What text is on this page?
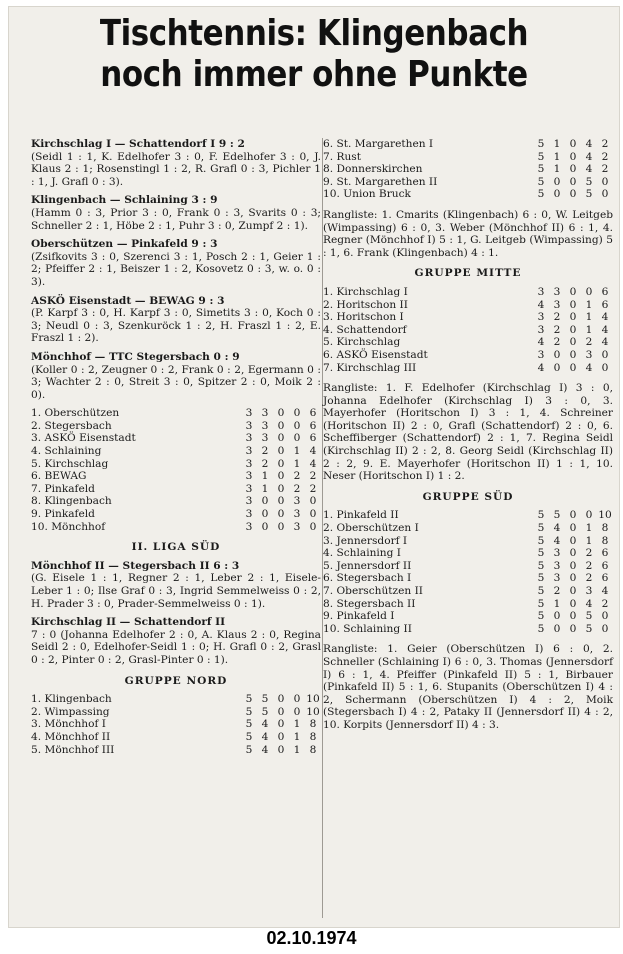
Tischtennis: Klingenbach
noch immer ohne Punkte
Kirchschlag I — Schattendorf I 9 : 2
(Seidl 1 : 1, K. Edelhofer 3 : 0, F. Edelhofer 3 : 0, J. Klaus 2 : 1; Rosenstingl 1 : 2, R. Grafl 0 : 3, Pichler 1 : 1, J. Grafl 0 : 3).
Klingenbach — Schlaining 3 : 9
(Hamm 0 : 3, Prior 3 : 0, Frank 0 : 3, Svarits 0 : 3; Schneller 2 : 1, Höbe 2 : 1, Puhr 3 : 0, Zumpf 2 : 1).
Oberschützen — Pinkafeld 9 : 3
(Zsifkovits 3 : 0, Szerenci 3 : 1, Posch 2 : 1, Geier 1 : 2; Pfeiffer 2 : 1, Beiszer 1 : 2, Kosovetz 0 : 3, w. o. 0 : 3).
ASKÖ Eisenstadt — BEWAG 9 : 3
(P. Karpf 3 : 0, H. Karpf 3 : 0, Simetits 3 : 0, Koch 0 : 3; Neudl 0 : 3, Szenkuröck 1 : 2, H. Fraszl 1 : 2, E. Fraszl 1 : 2).
Mönchhof — TTC Stegersbach 0 : 9
(Koller 0 : 2, Zeugner 0 : 2, Frank 0 : 2, Egermann 0 : 3; Wachter 2 : 0, Streit 3 : 0, Spitzer 2 : 0, Moik 2 : 0).
1. Oberschützen	3	3	0	0	6
2. Stegersbach	3	3	0	0	6
3. ASKÖ Eisenstadt	3	3	0	0	6
4. Schlaining	3	2	0	1	4
5. Kirchschlag	3	2	0	1	4
6. BEWAG	3	1	0	2	2
7. Pinkafeld	3	1	0	2	2
8. Klingenbach	3	0	0	3	0
9. Pinkafeld	3	0	0	3	0
10. Mönchhof	3	0	0	3	0
II. LIGA SÜD
Mönchhof II — Stegersbach II 6 : 3
(G. Eisele 1 : 1, Regner 2 : 1, Leber 2 : 1, Eisele-Leber 1 : 0; Ilse Graf 0 : 3, Ingrid Semmelweiss 0 : 2, H. Prader 3 : 0, Prader-Semmelweiss 0 : 1).
Kirchschlag II — Schattendorf II
7 : 0 (Johanna Edelhofer 2 : 0, A. Klaus 2 : 0, Regina Seidl 2 : 0, Edelhofer-Seidl 1 : 0; H. Grafl 0 : 2, Grasl 0 : 2, Pinter 0 : 2, Grasl-Pinter 0 : 1).
GRUPPE NORD
1. Klingenbach	5	5	0	0	10
2. Wimpassing	5	5	0	0	10
3. Mönchhof I	5	4	0	1	8
4. Mönchhof II	5	4	0	1	8
5. Mönchhof III	5	4	0	1	8
6. St. Margarethen I	5	1	0	4	2
7. Rust	5	1	0	4	2
8. Donnerskirchen	5	1	0	4	2
9. St. Margarethen II	5	0	0	5	0
10. Union Bruck	5	0	0	5	0
Rangliste: 1. Cmarits (Klingenbach) 6 : 0, W. Leitgeb (Wimpassing) 6 : 0, 3. Weber (Mönchhof II) 6 : 1, 4. Regner (Mönchhof I) 5 : 1, G. Leitgeb (Wimpassing) 5 : 1, 6. Frank (Klingenbach) 4 : 1.
GRUPPE MITTE
1. Kirchschlag I	3	3	0	0	6
2. Horitschon II	4	3	0	1	6
3. Horitschon I	3	2	0	1	4
4. Schattendorf	3	2	0	1	4
5. Kirchschlag	4	2	0	2	4
6. ASKÖ Eisenstadt	3	0	0	3	0
7. Kirchschlag III	4	0	0	4	0
Rangliste: 1. F. Edelhofer (Kirchschlag I) 3 : 0, Johanna Edelhofer (Kirchschlag I) 3 : 0, 3. Mayerhofer (Horitschon I) 3 : 1, 4. Schreiner (Horitschon II) 2 : 0, Grafl (Schattendorf) 2 : 0, 6. Scheffiberger (Schattendorf) 2 : 1, 7. Regina Seidl (Kirchschlag II) 2 : 2, 8. Georg Seidl (Kirchschlag II) 2 : 2, 9. E. Mayerhofer (Horitschon II) 1 : 1, 10. Neser (Horitschon I) 1 : 2.
GRUPPE SÜD
1. Pinkafeld II	5	5	0	0	10
2. Oberschützen I	5	4	0	1	8
3. Jennersdorf I	5	4	0	1	8
4. Schlaining I	5	3	0	2	6
5. Jennersdorf II	5	3	0	2	6
6. Stegersbach I	5	3	0	2	6
7. Oberschützen II	5	2	0	3	4
8. Stegersbach II	5	1	0	4	2
9. Pinkafeld I	5	0	0	5	0
10. Schlaining II	5	0	0	5	0
Rangliste: 1. Geier (Oberschützen I) 6 : 0, 2. Schneller (Schlaining I) 6 : 0, 3. Thomas (Jennersdorf I) 6 : 1, 4. Pfeiffer (Pinkafeld II) 5 : 1, Birbauer (Pinkafeld II) 5 : 1, 6. Stupanits (Oberschützen I) 4 : 2, Schermann (Oberschützen I) 4 : 2, Moik (Stegersbach I) 4 : 2, Pataky II (Jennersdorf II) 4 : 2, 10. Korpits (Jennersdorf II) 4 : 3.
02.10.1974
